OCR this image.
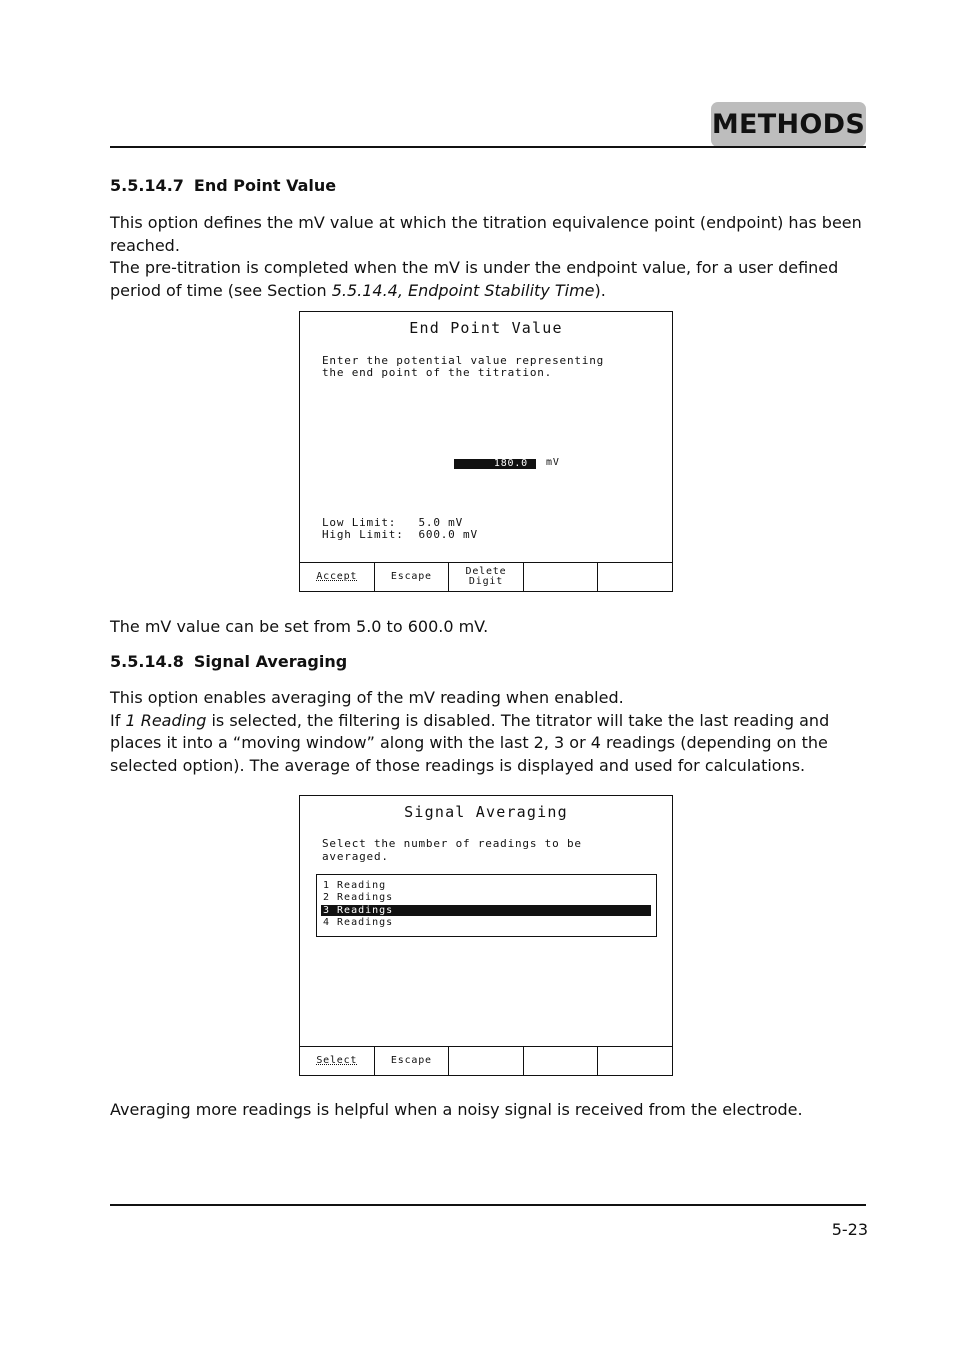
METHODS
5.5.14.7 End Point Value
This option defines the mV value at which the titration equivalence point (endpoint) has been
reached.
The pre-titration is completed when the mV is under the endpoint value, for a user defined
period of time (see Section 5.5.14.4, Endpoint Stability Time).
End Point Value
Enter the potential value representing
the end point of the titration.
180.0	mV
Low Limit:   5.0 mV
High Limit:  600.0 mV
Accept	Escape	Delete
Digit
The mV value can be set from 5.0 to 600.0 mV.
5.5.14.8 Signal Averaging
This option enables averaging of the mV reading when enabled.
If 1 Reading is selected, the filtering is disabled. The titrator will take the last reading and
places it into a “moving window” along with the last 2, 3 or 4 readings (depending on the
selected option). The average of those readings is displayed and used for calculations.
Signal Averaging
Select the number of readings to be
averaged.
1 Reading
2 Readings
3 Readings
4 Readings
Select	Escape
Averaging more readings is helpful when a noisy signal is received from the electrode.
5-23
